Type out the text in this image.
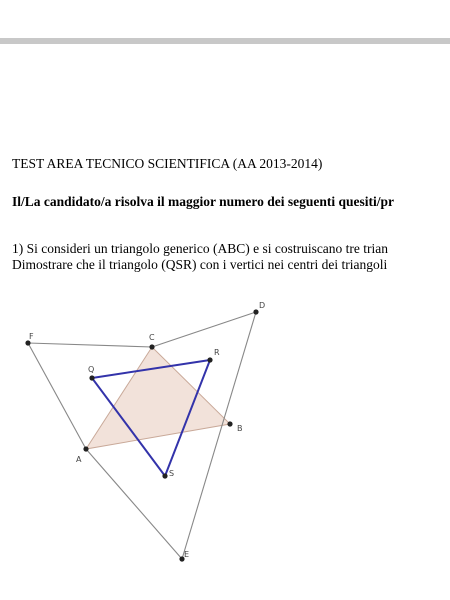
TEST AREA TECNICO SCIENTIFICA (AA 2013-2014)
Il/La candidato/a risolva il maggior numero dei seguenti quesiti/pr
1) Si consideri un triangolo generico (ABC) e si costruiscano tre trian
Dimostrare che il triangolo (QSR) con i vertici nei centri dei triangoli
A
B
C
D
E
F
Q
R
S
